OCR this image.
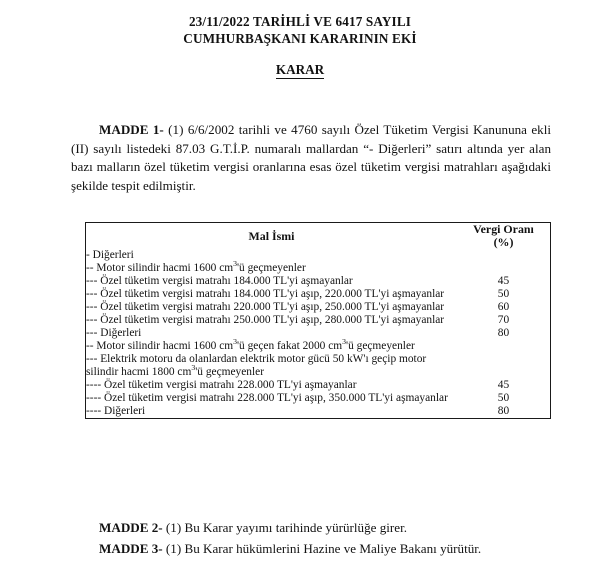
23/11/2022 TARİHLİ VE 6417 SAYILI
CUMHURBAŞKANI KARARININ EKİ
KARAR
MADDE 1- (1) 6/6/2002 tarihli ve 4760 sayılı Özel Tüketim Vergisi Kanununa ekli (II) sayılı listedeki 87.03 G.T.İ.P. numaralı mallardan “- Diğerleri” satırı altında yer alan bazı malların özel tüketim vergisi oranlarına esas özel tüketim vergisi matrahları aşağıdaki şekilde tespit edilmiştir.
Mal İsmi	Vergi Oranı
(%)

- Diğerleri	
-- Motor silindir hacmi 1600 $cm^3'ü$ geçmeyenler	
--- Özel tüketim vergisi matrahı 184.000 TL'yi aşmayanlar	45
--- Özel tüketim vergisi matrahı 184.000 TL'yi aşıp, 220.000 TL'yi aşmayanlar	50
--- Özel tüketim vergisi matrahı 220.000 TL'yi aşıp, 250.000 TL'yi aşmayanlar	60
--- Özel tüketim vergisi matrahı 250.000 TL'yi aşıp, 280.000 TL'yi aşmayanlar	70
--- Diğerleri	80
-- Motor silindir hacmi 1600 $cm^3'ü$ geçen fakat 2000 $cm^3'ü$ geçmeyenler	
--- Elektrik motoru da olanlardan elektrik motor gücü 50 kW'ı geçip motor silindir hacmi 1800 $cm^3'ü$ geçmeyenler	
---- Özel tüketim vergisi matrahı 228.000 TL'yi aşmayanlar	45
---- Özel tüketim vergisi matrahı 228.000 TL'yi aşıp, 350.000 TL'yi aşmayanlar	50
---- Diğerleri	80
MADDE 2- (1) Bu Karar yayımı tarihinde yürürlüğe girer.
MADDE 3- (1) Bu Karar hükümlerini Hazine ve Maliye Bakanı yürütür.
